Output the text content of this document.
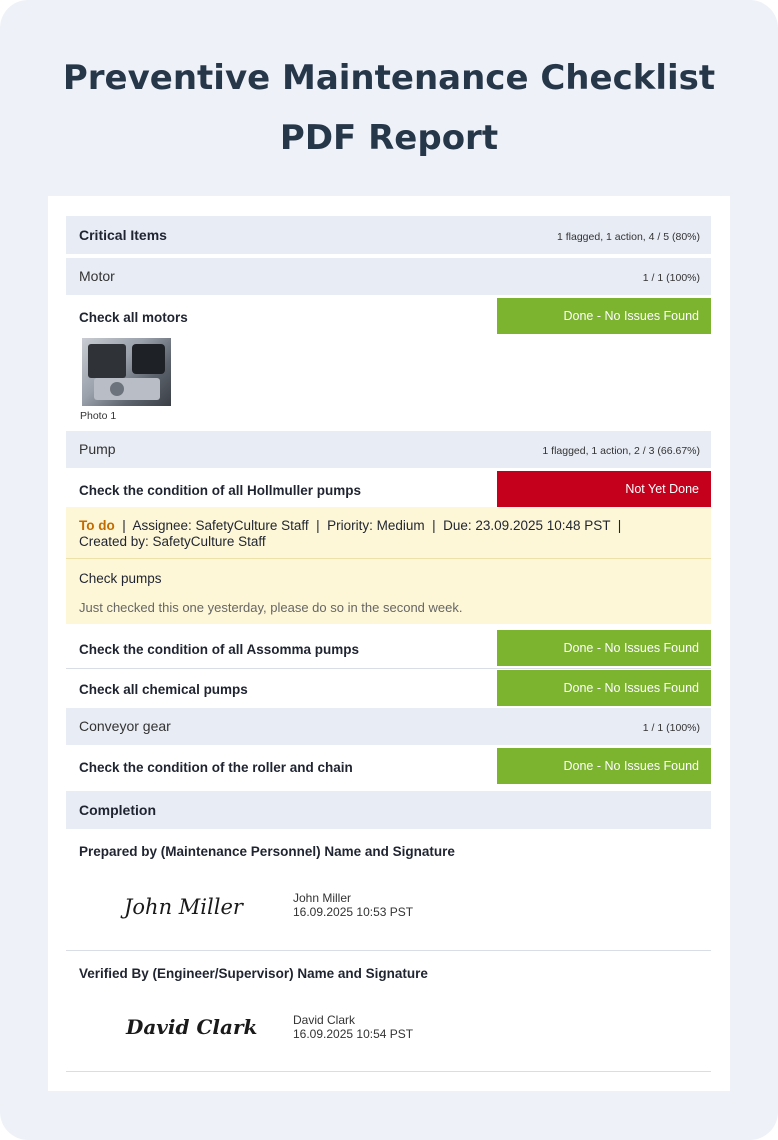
Preventive Maintenance Checklist
PDF Report
Critical Items	1 flagged, 1 action, 4 / 5 (80%)
Motor	1 / 1 (100%)
Check all motors	Done - No Issues Found
Photo 1
Pump	1 flagged, 1 action, 2 / 3 (66.67%)
Check the condition of all Hollmuller pumps	Not Yet Done
To do  |  Assignee: SafetyCulture Staff  |  Priority: Medium  |  Due: 23.09.2025 10:48 PST  |
Created by: SafetyCulture Staff
Check pumps
Just checked this one yesterday, please do so in the second week.
Check the condition of all Assomma pumps	Done - No Issues Found
Check all chemical pumps	Done - No Issues Found
Conveyor gear	1 / 1 (100%)
Check the condition of the roller and chain	Done - No Issues Found
Completion
Prepared by (Maintenance Personnel) Name and Signature
John Miller	John Miller
16.09.2025 10:53 PST
Verified By (Engineer/Supervisor) Name and Signature
David Clark	David Clark
16.09.2025 10:54 PST
